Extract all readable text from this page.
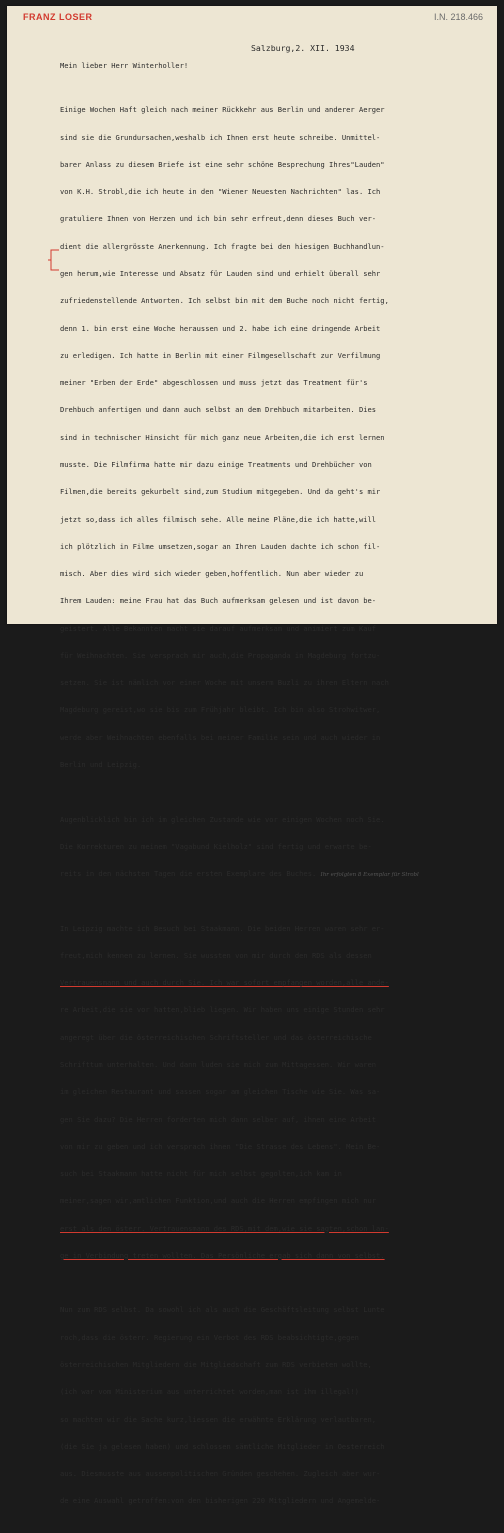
FRANZ LOSER	I.N. 218.466
Salzburg,2. XII. 1934

Mein lieber Herr Winterholler!

Einige Wochen Haft gleich nach meiner Rückkehr aus Berlin und anderer Aerger

sind sie die Grundursachen,weshalb ich Ihnen erst heute schreibe. Unmittel-

barer Anlass zu diesem Briefe ist eine sehr schöne Besprechung Ihres"Lauden"

von K.H. Strobl,die ich heute in den "Wiener Neuesten Nachrichten" las. Ich

gratuliere Ihnen von Herzen und ich bin sehr erfreut,denn dieses Buch ver-

dient die allergrösste Anerkennung. Ich fragte bei den hiesigen Buchhandlun-

gen herum,wie Interesse und Absatz für Lauden sind und erhielt überall sehr

zufriedenstellende Antworten. Ich selbst bin mit dem Buche noch nicht fertig,

denn 1. bin erst eine Woche heraussen und 2. habe ich eine dringende Arbeit

zu erledigen. Ich hatte in Berlin mit einer Filmgesellschaft zur Verfilmung

meiner "Erben der Erde" abgeschlossen und muss jetzt das Treatment für's

Drehbuch anfertigen und dann auch selbst an dem Drehbuch mitarbeiten. Dies

sind in technischer Hinsicht für mich ganz neue Arbeiten,die ich erst lernen

musste. Die Filmfirma hatte mir dazu einige Treatments und Drehbücher von

Filmen,die bereits gekurbelt sind,zum Studium mitgegeben. Und da geht's mir

jetzt so,dass ich alles filmisch sehe. Alle meine Pläne,die ich hatte,will

ich plötzlich in Filme umsetzen,sogar an Ihren Lauden dachte ich schon fil-

misch. Aber dies wird sich wieder geben,hoffentlich. Nun aber wieder zu

Ihrem Lauden: meine Frau hat das Buch aufmerksam gelesen und ist davon be-

geistert. Alle Bekannten macht sie darauf aufmerksam und animiert zum Kauf

für Weihnachten. Sie versprach mir auch,die Propaganda in Magdeburg fortzu-

setzen. Sie ist nämlich vor einer Woche mit unserm Buzli zu ihren Eltern nach

Magdeburg gereist,wo sie bis zum Frühjahr bleibt. Ich bin also Strohwitwer,

werde aber Weihnachten ebenfalls bei meiner Familie sein und auch wieder in

Berlin und Leipzig.

Augenblicklich bin ich im gleichen Zustande wie vor einigen Wochen noch Sie.

Die Korrekturen zu meinem "Vagabund Kielholz" sind fertig und erwarte be-

reits in den nächsten Tagen die ersten Exemplare des Buches. Ihr erfolgten 8 Exemplar für Strobl

In Leipzig machte ich Besuch bei Staakmann. Die beiden Herren waren sehr er-

freut,mich kennen zu lernen. Sie wussten von mir durch den RDS als dessen

Vertrauensmann und auch durch Sie. Ich war sofort empfangen worden,alle ande-

re Arbeit,die sie vor hatten,blieb liegen. Wir haben uns einige Stunden sehr

angeregt über die österreichischen Schriftsteller und das österreichische

Schrifttum unterhalten. Und dann luden sie mich zum Mittagessen. Wir waren

im gleichen Restaurant und sassen sogar am gleichen Tische wie Sie. Was sa-

gen Sie dazu? Die Herren forderten mich dann selber auf, ihnen eine Arbeit

von mir zu geben und ich versprach ihnen "Die Strasse des Lebens". Mein Be-

such bei Staakmann hatte nicht für mich selbst gegolten,ich kam in

meiner,sagen wir,amtlichen Funktion,und auch die Herren empfingen mich nur

erst als den österr. Vertrauensmann des RDS,mit dem,wie sie sagten,schon lan-

ge in Verbindung treten wollten. Das Persönliche ergab sich dann von selbst.

Nun zum RDS selbst. Da sowohl ich als auch die Geschäftsleitung selbst Lunte

roch,dass die österr. Regierung ein Verbot des RDS beabsichtigte,gegen

österreichischen Mitgliedern die Mitgliedschaft zum RDS verbieten wollte,

(ich war vom Ministerium aus unterrichtet worden,man ist ihm illegal!)

so machten wir die Sache kurz,liessen die erwähnte Erklärung verlautbaren,

(die Sie ja gelesen haben) und schlossen sämtliche Mitglieder in Oesterreich

aus. Diesmusste aus aussenpolitischen Gründen geschehen. Zugleich aber wur-

de eine Auswahl getroffen:von den bisherigen 220 Mitgliedern und Angemelde-
